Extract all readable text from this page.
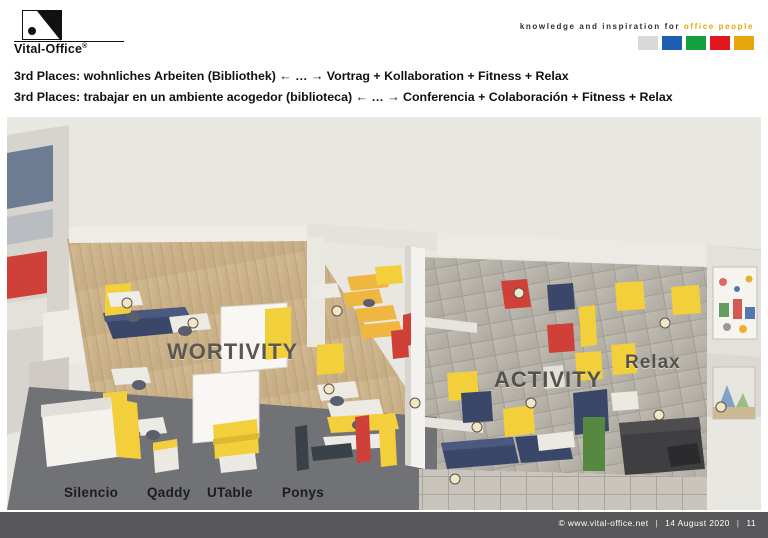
Vital-Office®
knowledge and inspiration for office people
3rd Places: wohnliches Arbeiten (Bibliothek) ← … → Vortrag + Kollaboration + Fitness + Relax
3rd Places: trabajar en un ambiente acogedor (biblioteca) ← … → Conferencia + Colaboración + Fitness + Relax
WORTIVITY
ACTIVITY
Relax
Silencio Qaddy UTable Ponys
© www.vital-office.net | 14 August 2020 | 11
